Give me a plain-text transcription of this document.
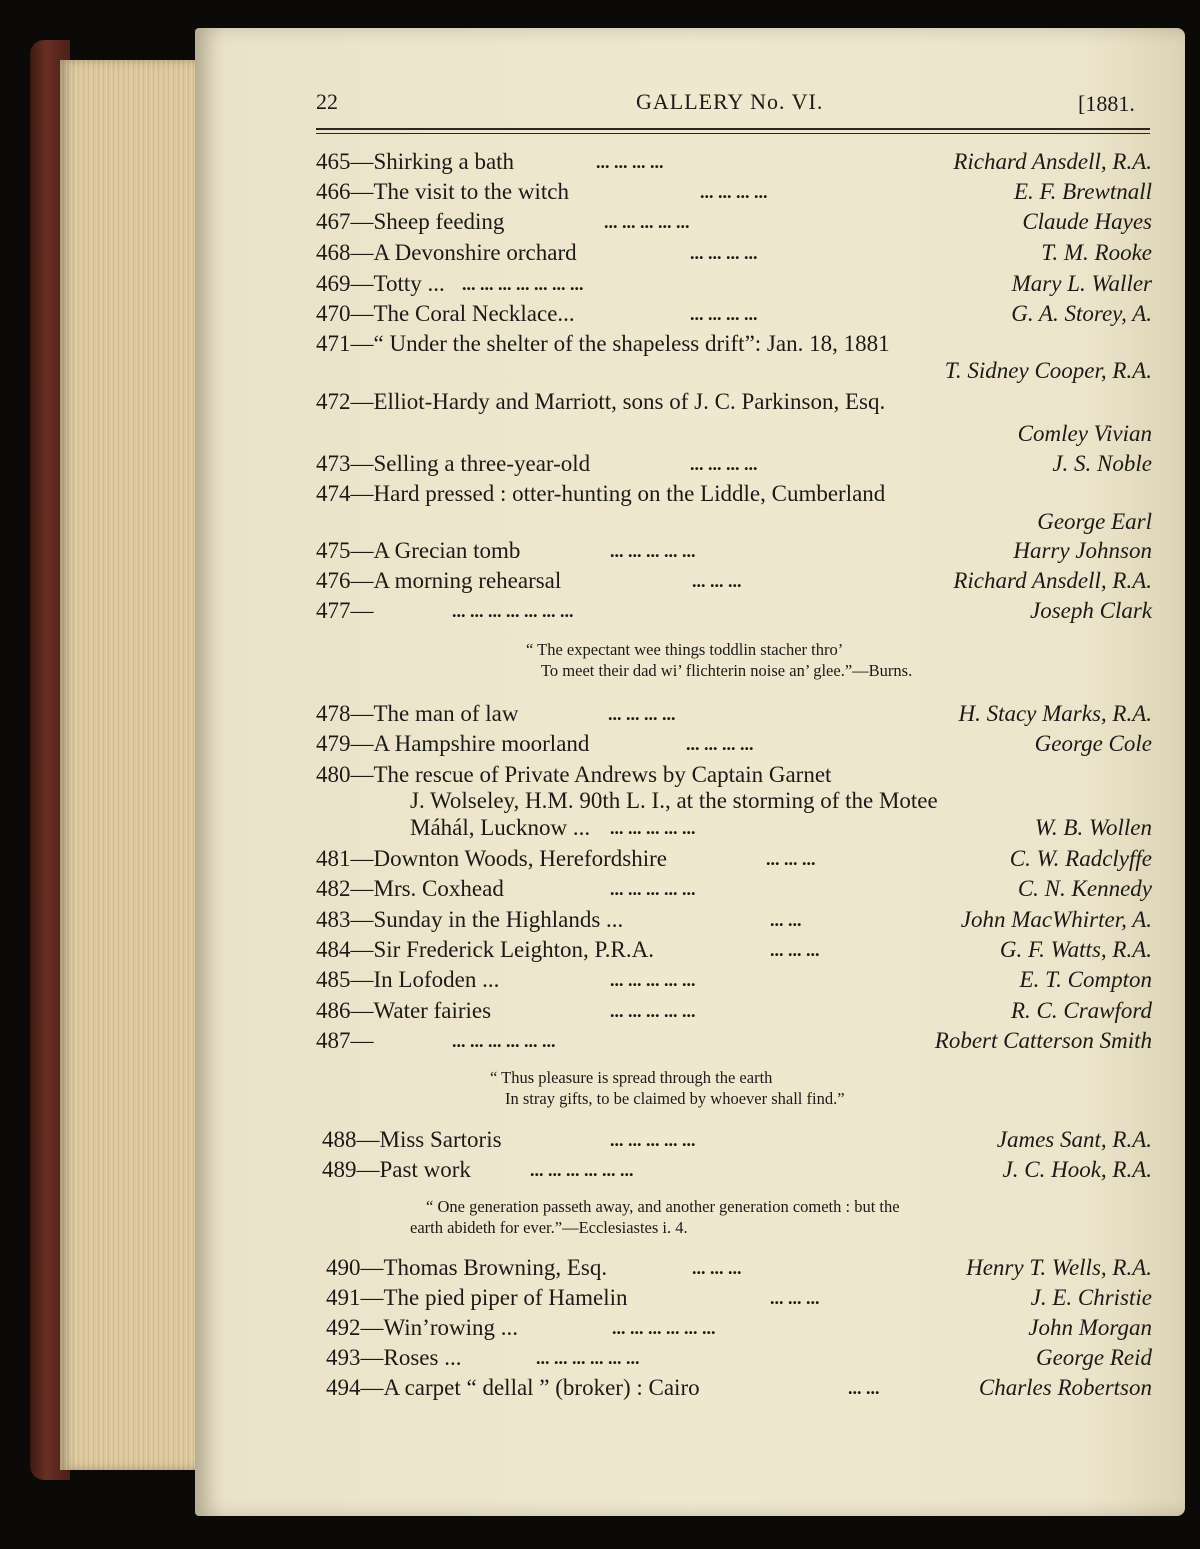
22	GALLERY No. VI.	[1881.
465—Shirking a bath	... ... ... ...	Richard Ansdell, R.A.
466—The visit to the witch	... ... ... ...	E. F. Brewtnall
467—Sheep feeding	... ... ... ... ...	Claude Hayes
468—A Devonshire orchard	... ... ... ...	T. M. Rooke
469—Totty ... ... ... ... ... ... ... ...	Mary L. Waller
470—The Coral Necklace...	... ... ... ...	G. A. Storey, A.
471—“ Under the shelter of the shapeless drift”: Jan. 18, 1881
T. Sidney Cooper, R.A.
472—Elliot-Hardy and Marriott, sons of J. C. Parkinson, Esq.
Comley Vivian
473—Selling a three-year-old	... ... ... ...	J. S. Noble
474—Hard pressed : otter-hunting on the Liddle, Cumberland
George Earl
475—A Grecian tomb	... ... ... ... ...	Harry Johnson
476—A morning rehearsal	... ... ...	Richard Ansdell, R.A.
477—	... ... ... ... ... ... ...	Joseph Clark
“ The expectant wee things toddlin stacher thro’
To meet their dad wi’ flichterin noise an’ glee.”—Burns.
478—The man of law	... ... ... ...	H. Stacy Marks, R.A.
479—A Hampshire moorland	... ... ... ...	George Cole
480—The rescue of Private Andrews by Captain Garnet
J. Wolseley, H.M. 90th L. I., at the storming of the Motee
Máhál, Lucknow ... ... ... ... ... ...	W. B. Wollen
481—Downton Woods, Herefordshire	... ... ...	C. W. Radclyffe
482—Mrs. Coxhead	... ... ... ... ...	C. N. Kennedy
483—Sunday in the Highlands ...	... ...	John MacWhirter, A.
484—Sir Frederick Leighton, P.R.A.	... ... ...	G. F. Watts, R.A.
485—In Lofoden ...	... ... ... ... ...	E. T. Compton
486—Water fairies	... ... ... ... ...	R. C. Crawford
487—	... ... ... ... ... ...	Robert Catterson Smith
“ Thus pleasure is spread through the earth
In stray gifts, to be claimed by whoever shall find.”
488—Miss Sartoris	... ... ... ... ...	James Sant, R.A.
489—Past work	... ... ... ... ... ...	J. C. Hook, R.A.
“ One generation passeth away, and another generation cometh : but the
earth abideth for ever.”—Ecclesiastes i. 4.
490—Thomas Browning, Esq.	... ... ...	Henry T. Wells, R.A.
491—The pied piper of Hamelin	... ... ...	J. E. Christie
492—Win’rowing ...	... ... ... ... ... ...	John Morgan
493—Roses ...	... ... ... ... ... ...	George Reid
494—A carpet “ dellal ” (broker) : Cairo	... ...	Charles Robertson
